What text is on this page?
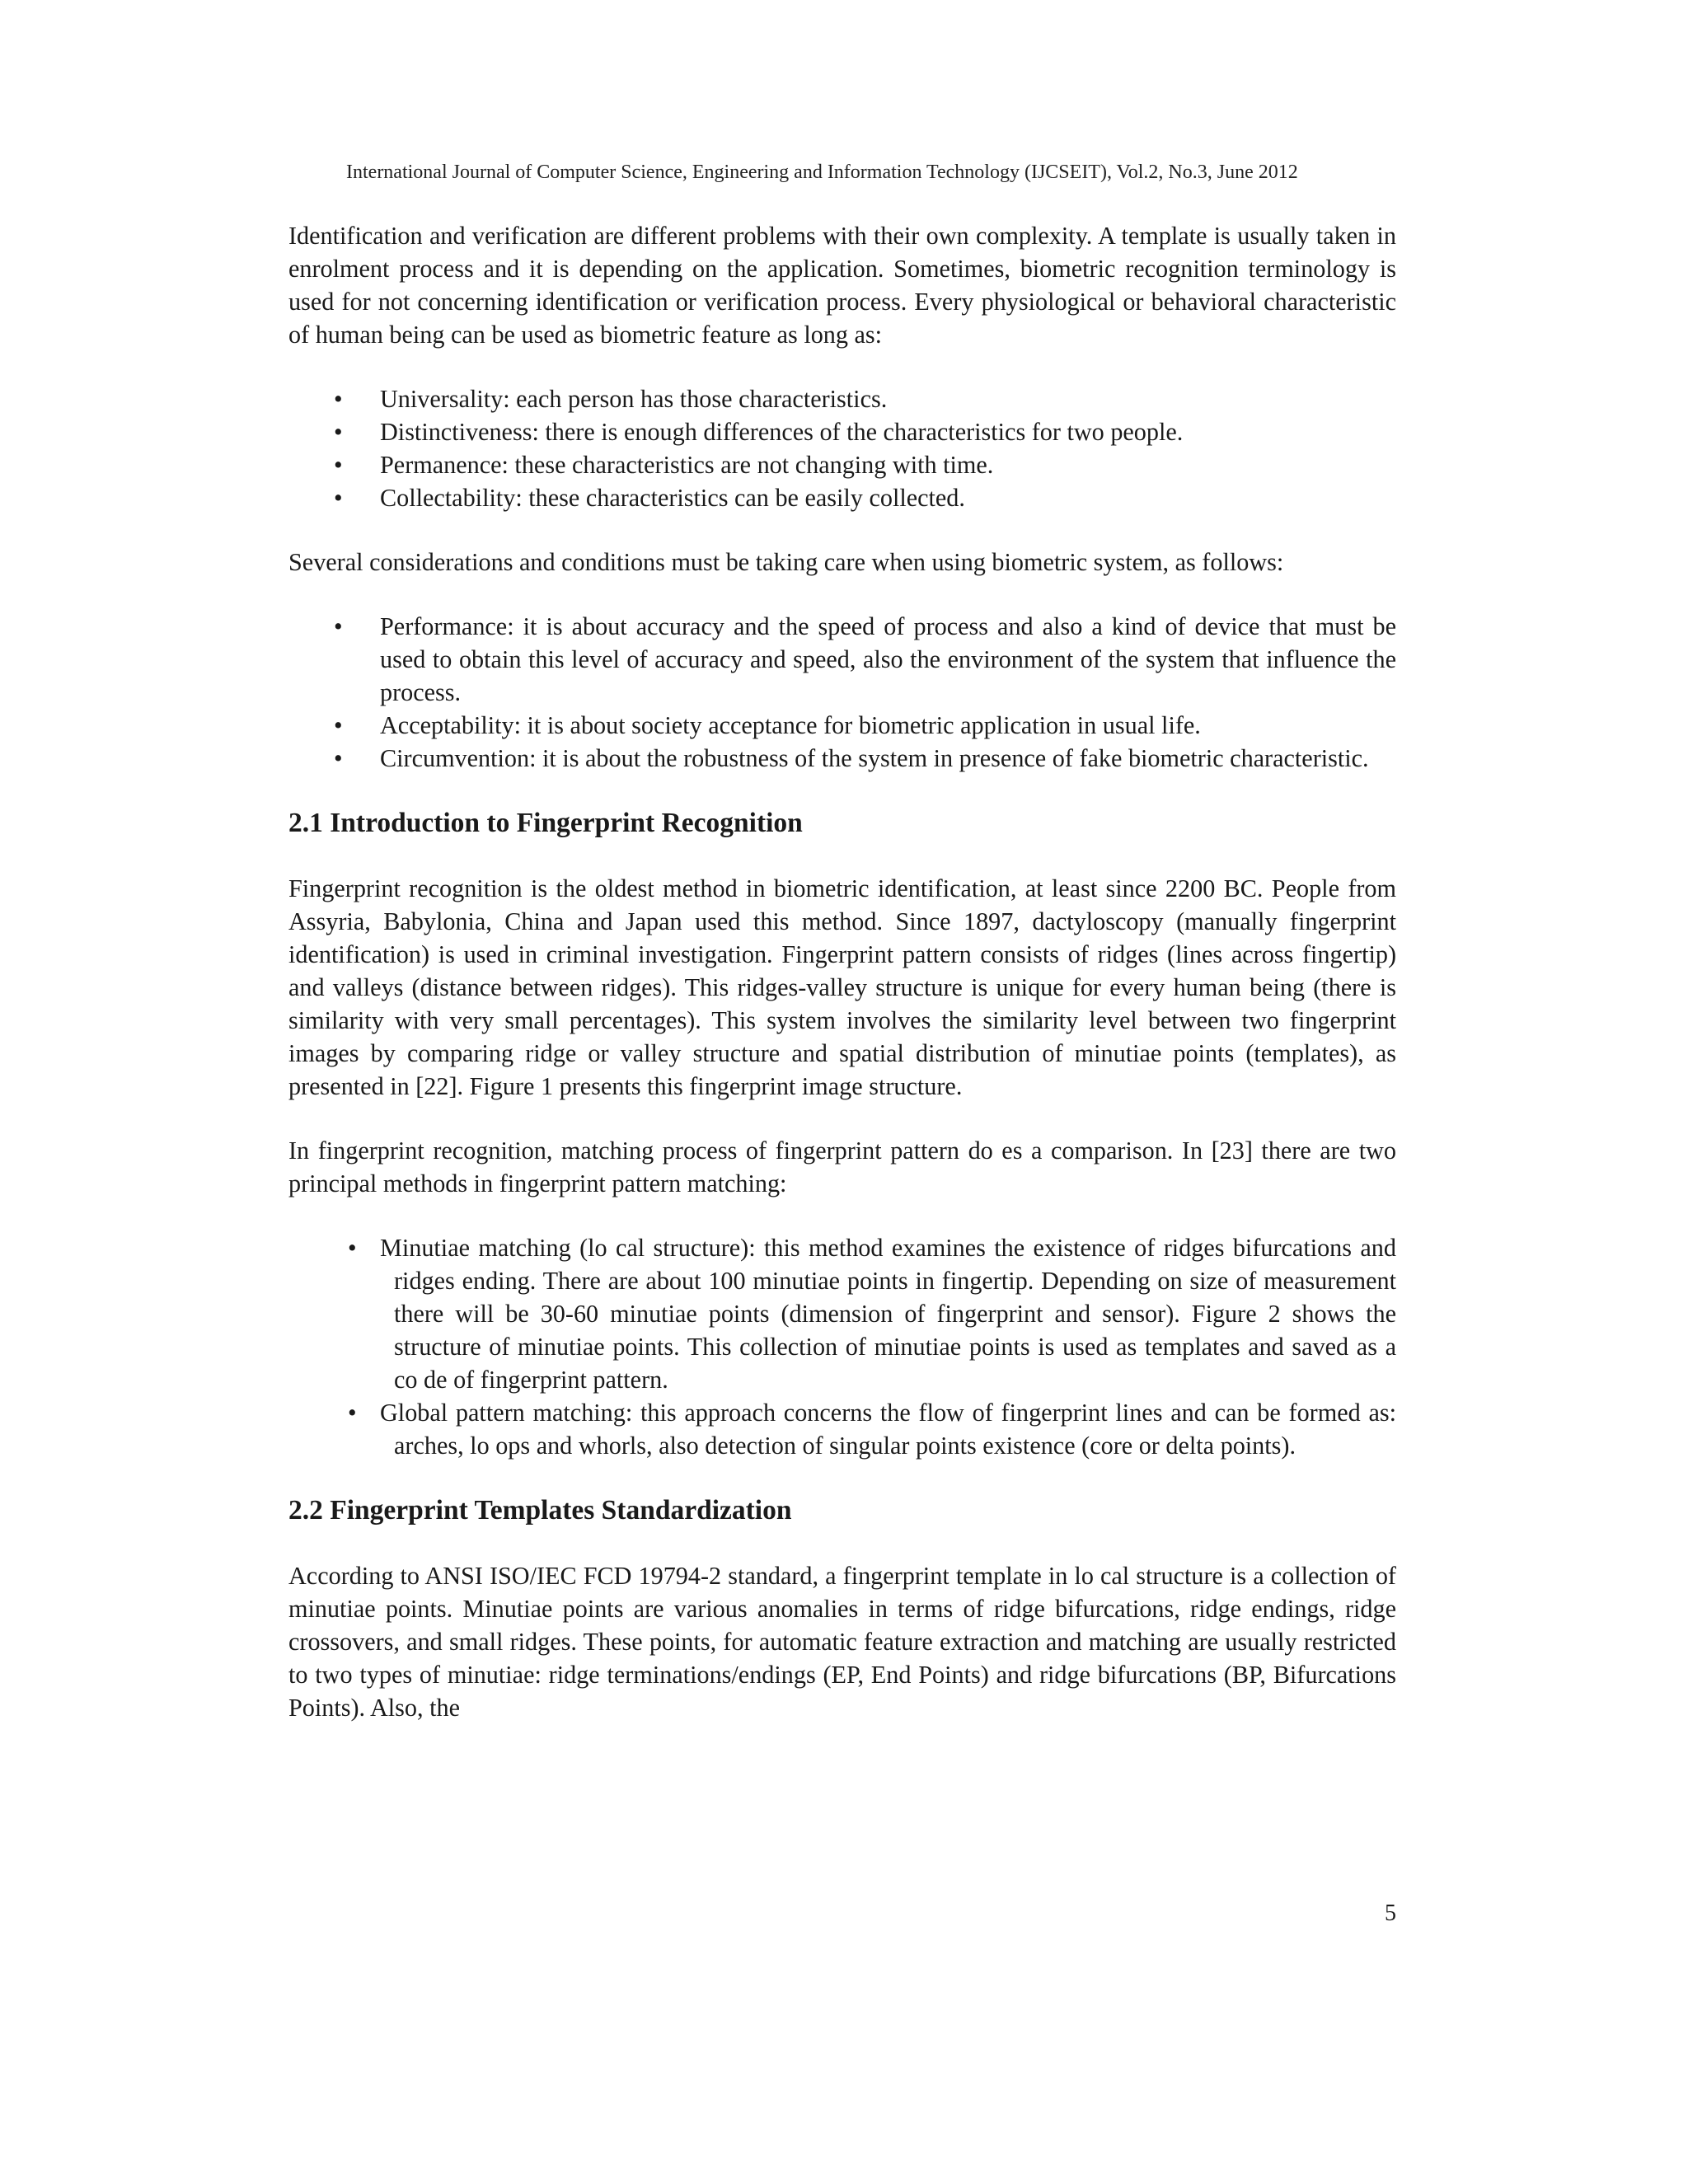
International Journal of Computer Science, Engineering and Information Technology (IJCSEIT), Vol.2, No.3, June 2012

Identification and verification are different problems with their own complexity. A template is usually taken in enrolment process and it is depending on the application. Sometimes, biometric recognition terminology is used for not concerning identification or verification process. Every physiological or behavioral characteristic of human being can be used as biometric feature as long as:

• Universality: each person has those characteristics.
• Distinctiveness: there is enough differences of the characteristics for two people.
• Permanence: these characteristics are not changing with time.
• Collectability: these characteristics can be easily collected.

Several considerations and conditions must be taking care when using biometric system, as follows:

• Performance: it is about accuracy and the speed of process and also a kind of device that must be used to obtain this level of accuracy and speed, also the environment of the system that influence the process.
• Acceptability: it is about society acceptance for biometric application in usual life.
• Circumvention: it is about the robustness of the system in presence of fake biometric characteristic.
2.1 Introduction to Fingerprint Recognition

Fingerprint recognition is the oldest method in biometric identification, at least since 2200 BC. People from Assyria, Babylonia, China and Japan used this method. Since 1897, dactyloscopy (manually fingerprint identification) is used in criminal investigation. Fingerprint pattern consists of ridges (lines across fingertip) and valleys (distance between ridges). This ridges-valley structure is unique for every human being (there is similarity with very small percentages). This system involves the similarity level between two fingerprint images by comparing ridge or valley structure and spatial distribution of minutiae points (templates), as presented in [22]. Figure 1 presents this fingerprint image structure.

In fingerprint recognition, matching process of fingerprint pattern do es a comparison. In [23] there are two principal methods in fingerprint pattern matching:

• Minutiae matching (lo cal structure): this method examines the existence of ridges bifurcations and ridges ending. There are about 100 minutiae points in fingertip. Depending on size of measurement there will be 30-60 minutiae points (dimension of fingerprint and sensor). Figure 2 shows the structure of minutiae points. This collection of minutiae points is used as templates and saved as a co de of fingerprint pattern.
• Global pattern matching: this approach concerns the flow of fingerprint lines and can be formed as: arches, lo ops and whorls, also detection of singular points existence (core or delta points).
2.2 Fingerprint Templates Standardization

According to ANSI ISO/IEC FCD 19794-2 standard, a fingerprint template in lo cal structure is a collection of minutiae points. Minutiae points are various anomalies in terms of ridge bifurcations, ridge endings, ridge crossovers, and small ridges. These points, for automatic feature extraction and matching are usually restricted to two types of minutiae: ridge terminations/endings (EP, End Points) and ridge bifurcations (BP, Bifurcations Points). Also, the

5
